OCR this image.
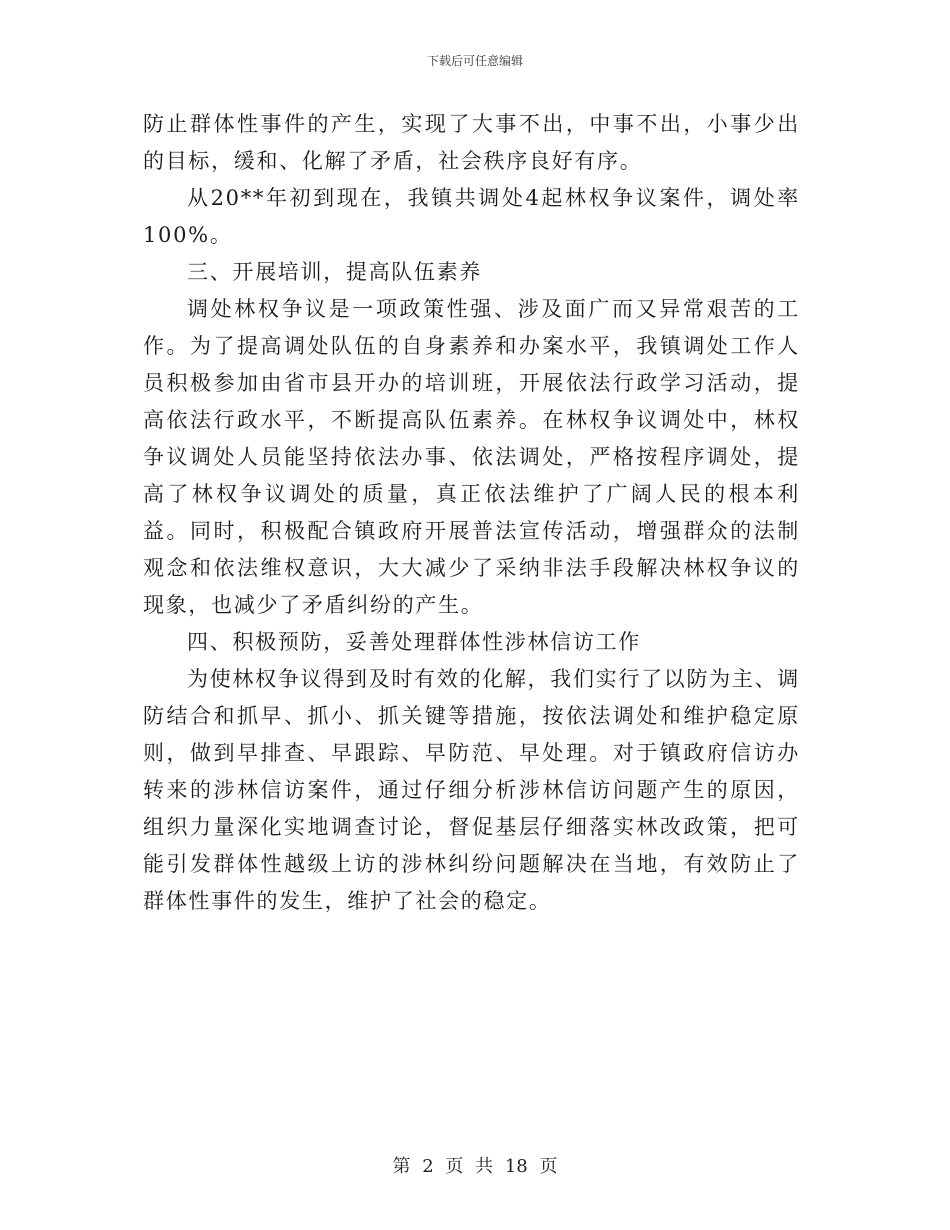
下载后可任意编辑

防止群体性事件的产生，实现了大事不出，中事不出，小事少出的目标，缓和、化解了矛盾，社会秩序良好有序。

从20**年初到现在，我镇共调处4起林权争议案件，调处率100%。

三、开展培训，提高队伍素养

调处林权争议是一项政策性强、涉及面广而又异常艰苦的工作。为了提高调处队伍的自身素养和办案水平，我镇调处工作人员积极参加由省市县开办的培训班，开展依法行政学习活动，提高依法行政水平，不断提高队伍素养。在林权争议调处中，林权争议调处人员能坚持依法办事、依法调处，严格按程序调处，提高了林权争议调处的质量，真正依法维护了广阔人民的根本利益。同时，积极配合镇政府开展普法宣传活动，增强群众的法制观念和依法维权意识，大大减少了采纳非法手段解决林权争议的现象，也减少了矛盾纠纷的产生。

四、积极预防，妥善处理群体性涉林信访工作

为使林权争议得到及时有效的化解，我们实行了以防为主、调防结合和抓早、抓小、抓关键等措施，按依法调处和维护稳定原则，做到早排查、早跟踪、早防范、早处理。对于镇政府信访办转来的涉林信访案件，通过仔细分析涉林信访问题产生的原因，组织力量深化实地调查讨论，督促基层仔细落实林改政策，把可能引发群体性越级上访的涉林纠纷问题解决在当地，有效防止了群体性事件的发生，维护了社会的稳定。

第 2 页 共 18 页
